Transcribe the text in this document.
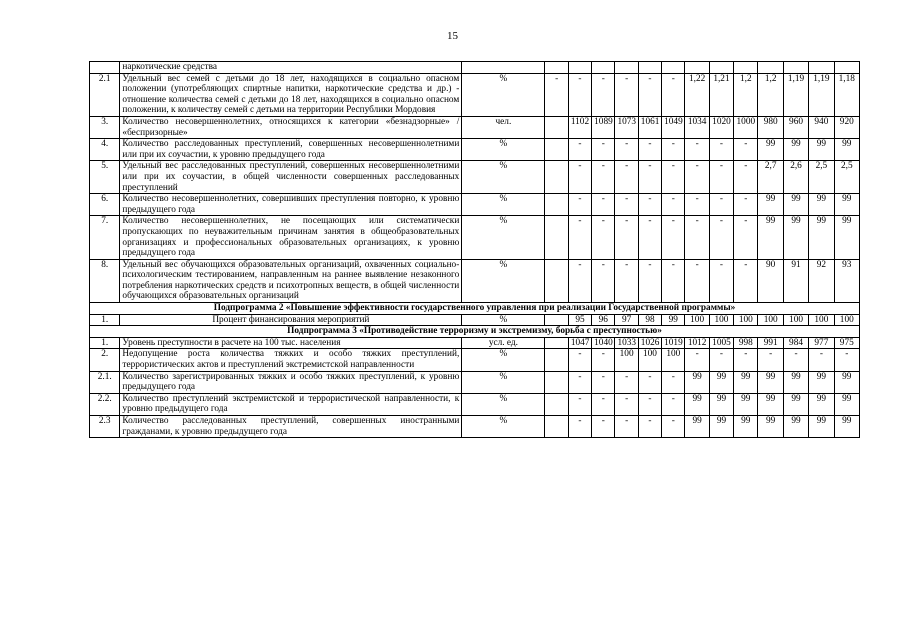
15
	наркотические средства														
2.1	Удельный вес семей с детьми до 18 лет, находящихся в социально опасном положении (употребляющих спиртные напитки, наркотические средства и др.) - отношение количества семей с детьми до 18 лет, находящихся в социально опасном положении, к количеству семей с детьми на территории Республики Мордовия	%	-	-	-	-	-	-	1,22	1,21	1,2	1,2	1,19	1,19	1,18
3.	Количество несовершеннолетних, относящихся к категории «безнадзорные» / «беспризорные»	чел.		1102	1089	1073	1061	1049	1034	1020	1000	980	960	940	920
4.	Количество расследованных преступлений, совершенных несовершеннолетними или при их соучастии, к уровню предыдущего года	%		-	-	-	-	-	-	-	-	99	99	99	99
5.	Удельный вес расследованных преступлений, совершенных несовершеннолетними или при их соучастии, в общей численности совершенных расследованных преступлений	%		-	-	-	-	-	-	-	-	2,7	2,6	2,5	2,5
6.	Количество несовершеннолетних, совершивших преступления повторно, к уровню предыдущего года	%		-	-	-	-	-	-	-	-	99	99	99	99
7.	Количество несовершеннолетних, не посещающих или систематически пропускающих по неуважительным причинам занятия в общеобразовательных организациях и профессиональных образовательных организациях, к уровню предыдущего года	%		-	-	-	-	-	-	-	-	99	99	99	99
8.	Удельный вес обучающихся образовательных организаций, охваченных социально-психологическим тестированием, направленным на раннее выявление незаконного потребления наркотических средств и психотропных веществ, в общей численности обучающихся образовательных организаций	%		-	-	-	-	-	-	-	-	90	91	92	93
Подпрограмма 2 «Повышение эффективности государственного управления при реализации Государственной программы»															
1.	Процент финансирования мероприятий	%		95	96	97	98	99	100	100	100	100	100	100	100
Подпрограмма 3 «Противодействие терроризму и экстремизму, борьба с преступностью»															
1.	Уровень преступности в расчете на 100 тыс. населения	усл. ед.		1047	1040	1033	1026	1019	1012	1005	998	991	984	977	975
2.	Недопущение роста количества тяжких и особо тяжких преступлений, террористических актов и преступлений экстремистской направленности	%		-	-	100	100	100	-	-	-	-	-	-	-
2.1.	Количество зарегистрированных тяжких и особо тяжких преступлений, к уровню предыдущего года	%		-	-	-	-	-	99	99	99	99	99	99	99
2.2.	Количество преступлений экстремистской и террористической направленности, к уровню предыдущего года	%		-	-	-	-	-	99	99	99	99	99	99	99
2.3	Количество расследованных преступлений, совершенных иностранными гражданами, к уровню предыдущего года	%		-	-	-	-	-	99	99	99	99	99	99	99
